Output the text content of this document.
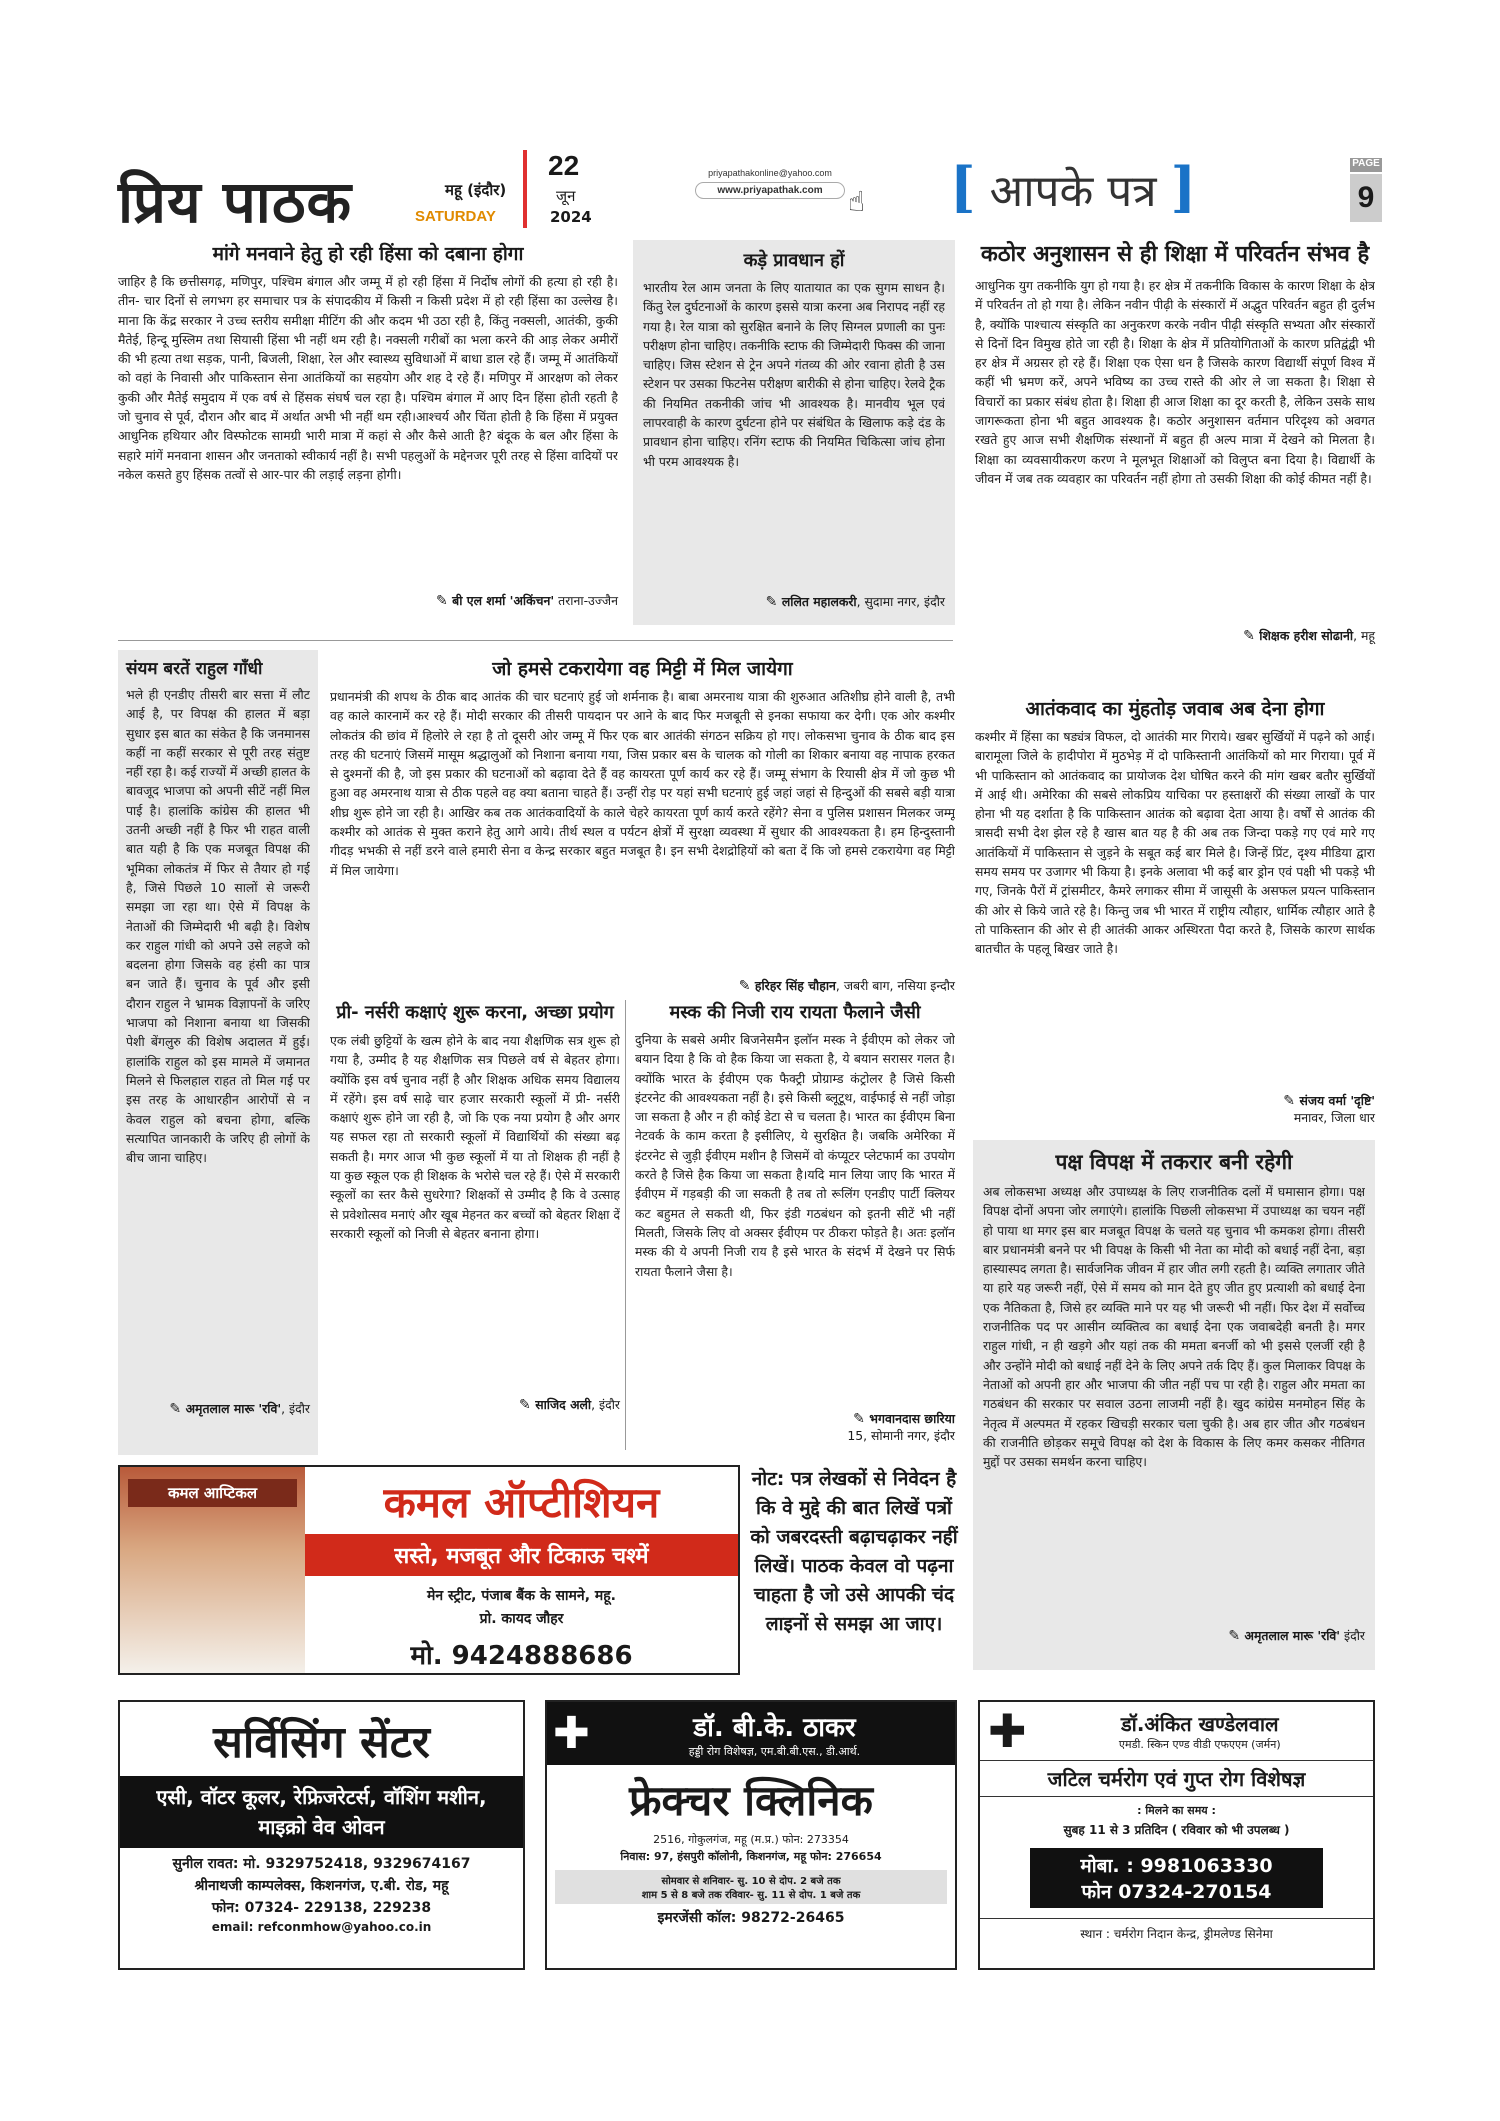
प्रिय पाठक	महू (इंदौर)
SATURDAY
22
जून
2024
priyapathakonline@yahoo.com
www.priyapathak.com ☝ [ आपके पत्र ]	PAGE
9
मांगे मनवाने हेतु हो रही हिंसा को दबाना होगा
जाहिर है कि छत्तीसगढ़, मणिपुर, पश्चिम बंगाल और जम्मू में हो रही हिंसा में निर्दोष लोगों की हत्या हो रही है। तीन- चार दिनों से लगभग हर समाचार पत्र के संपादकीय में किसी न किसी प्रदेश में हो रही हिंसा का उल्लेख है। माना कि केंद्र सरकार ने उच्च स्तरीय समीक्षा मीटिंग की और कदम भी उठा रही है, किंतु नक्सली, आतंकी, कुकी मैतेई, हिन्दू मुस्लिम तथा सियासी हिंसा भी नहीं थम रही है। नक्सली गरीबों का भला करने की आड़ लेकर अमीरों की भी हत्या तथा सड़क, पानी, बिजली, शिक्षा, रेल और स्वास्थ्य सुविधाओं में बाधा डाल रहे हैं। जम्मू में आतंकियों को वहां के निवासी और पाकिस्तान सेना आतंकियों का सहयोग और शह दे रहे हैं। मणिपुर में आरक्षण को लेकर कुकी और मैतेई समुदाय में एक वर्ष से हिंसक संघर्ष चल रहा है। पश्चिम बंगाल में आए दिन हिंसा होती रहती है जो चुनाव से पूर्व, दौरान और बाद में अर्थात अभी भी नहीं थम रही।आश्चर्य और चिंता होती है कि हिंसा में प्रयुक्त आधुनिक हथियार और विस्फोटक सामग्री भारी मात्रा में कहां से और कैसे आती है? बंदूक के बल और हिंसा के सहारे मांगें मनवाना शासन और जनताको स्वीकार्य नहीं है। सभी पहलुओं के मद्देनजर पूरी तरह से हिंसा वादियों पर नकेल कसते हुए हिंसक तत्वों से आर-पार की लड़ाई लड़ना होगी।
✎ बी एल शर्मा 'अकिंचन' तराना-उज्जैन
कड़े प्रावधान हों
भारतीय रेल आम जनता के लिए यातायात का एक सुगम साधन है। किंतु रेल दुर्घटनाओं के कारण इससे यात्रा करना अब निरापद नहीं रह गया है। रेल यात्रा को सुरक्षित बनाने के लिए सिग्नल प्रणाली का पुनः परीक्षण होना चाहिए। तकनीकि स्टाफ की जिम्मेदारी फिक्स की जाना चाहिए। जिस स्टेशन से ट्रेन अपने गंतव्य की ओर रवाना होती है उस स्टेशन पर उसका फिटनेस परीक्षण बारीकी से होना चाहिए। रेलवे ट्रैक की नियमित तकनीकी जांच भी आवश्यक है। मानवीय भूल एवं लापरवाही के कारण दुर्घटना होने पर संबंधित के खिलाफ कड़े दंड के प्रावधान होना चाहिए। रनिंग स्टाफ की नियमित चिकित्सा जांच होना भी परम आवश्यक है।
✎ ललित महालकरी, सुदामा नगर, इंदौर
कठोर अनुशासन से ही शिक्षा में परिवर्तन संभव है
आधुनिक युग तकनीकि युग हो गया है। हर क्षेत्र में तकनीकि विकास के कारण शिक्षा के क्षेत्र में परिवर्तन तो हो गया है। लेकिन नवीन पीढ़ी के संस्कारों में अद्भुत परिवर्तन बहुत ही दुर्लभ है, क्योंकि पाश्चात्य संस्कृति का अनुकरण करके नवीन पीढ़ी संस्कृति सभ्यता और संस्कारों से दिनों दिन विमुख होते जा रही है। शिक्षा के क्षेत्र में प्रतियोगिताओं के कारण प्रतिद्वंद्वी भी हर क्षेत्र में अग्रसर हो रहे हैं। शिक्षा एक ऐसा धन है जिसके कारण विद्यार्थी संपूर्ण विश्व में कहीं भी भ्रमण करें, अपने भविष्य का उच्च रास्ते की ओर ले जा सकता है। शिक्षा से विचारों का प्रकार संबंध होता है। शिक्षा ही आज शिक्षा का दूर करती है, लेकिन उसके साथ जागरूकता होना भी बहुत आवश्यक है। कठोर अनुशासन वर्तमान परिदृश्य को अवगत रखते हुए आज सभी शैक्षणिक संस्थानों में बहुत ही अल्प मात्रा में देखने को मिलता है। शिक्षा का व्यवसायीकरण करण ने मूलभूत शिक्षाओं को विलुप्त बना दिया है। विद्यार्थी के जीवन में जब तक व्यवहार का परिवर्तन नहीं होगा तो उसकी शिक्षा की कोई कीमत नहीं है।
✎ शिक्षक हरीश सोढानी, महू
संयम बरतें राहुल गाँधी
भले ही एनडीए तीसरी बार सत्ता में लौट आई है, पर विपक्ष की हालत में बड़ा सुधार इस बात का संकेत है कि जनमानस कहीं ना कहीं सरकार से पूरी तरह संतुष्ट नहीं रहा है। कई राज्यों में अच्छी हालत के बावजूद भाजपा को अपनी सीटें नहीं मिल पाई है। हालांकि कांग्रेस की हालत भी उतनी अच्छी नहीं है फिर भी राहत वाली बात यही है कि एक मजबूत विपक्ष की भूमिका लोकतंत्र में फिर से तैयार हो गई है, जिसे पिछले 10 सालों से जरूरी समझा जा रहा था। ऐसे में विपक्ष के नेताओं की जिम्मेदारी भी बढ़ी है। विशेष कर राहुल गांधी को अपने उसे लहजे को बदलना होगा जिसके वह हंसी का पात्र बन जाते हैं। चुनाव के पूर्व और इसी दौरान राहुल ने भ्रामक विज्ञापनों के जरिए भाजपा को निशाना बनाया था जिसकी पेशी बेंगलुरु की विशेष अदालत में हुई। हालांकि राहुल को इस मामले में जमानत मिलने से फिलहाल राहत तो मिल गई पर इस तरह के आधारहीन आरोपों से न केवल राहुल को बचना होगा, बल्कि सत्यापित जानकारी के जरिए ही लोगों के बीच जाना चाहिए।
✎ अमृतलाल मारू 'रवि', इंदौर
जो हमसे टकरायेगा वह मिट्टी में मिल जायेगा
प्रधानमंत्री की शपथ के ठीक बाद आतंक की चार घटनाएं हुई जो शर्मनाक है। बाबा अमरनाथ यात्रा की शुरुआत अतिशीघ्र होने वाली है, तभी वह काले कारनामें कर रहे हैं। मोदी सरकार की तीसरी पायदान पर आने के बाद फिर मजबूती से इनका सफाया कर देगी। एक ओर कश्मीर लोकतंत्र की छांव में हिलोरे ले रहा है तो दूसरी ओर जम्मू में फिर एक बार आतंकी संगठन सक्रिय हो गए। लोकसभा चुनाव के ठीक बाद इस तरह की घटनाएं जिसमें मासूम श्रद्धालुओं को निशाना बनाया गया, जिस प्रकार बस के चालक को गोली का शिकार बनाया वह नापाक हरकत से दुश्मनों की है, जो इस प्रकार की घटनाओं को बढ़ावा देते हैं वह कायरता पूर्ण कार्य कर रहे हैं। जम्मू संभाग के रियासी क्षेत्र में जो कुछ भी हुआ वह अमरनाथ यात्रा से ठीक पहले वह क्या बताना चाहते हैं। उन्हीं रोड़ पर यहां सभी घटनाएं हुई जहां जहां से हिन्दुओं की सबसे बड़ी यात्रा शीघ्र शुरू होने जा रही है। आखिर कब तक आतंकवादियों के काले चेहरे कायरता पूर्ण कार्य करते रहेंगे? सेना व पुलिस प्रशासन मिलकर जम्मू कश्मीर को आतंक से मुक्त कराने हेतु आगे आये। तीर्थ स्थल व पर्यटन क्षेत्रों में सुरक्षा व्यवस्था में सुधार की आवश्यकता है। हम हिन्दुस्तानी गीदड़ भभकी से नहीं डरने वाले हमारी सेना व केन्द्र सरकार बहुत मजबूत है। इन सभी देशद्रोहियों को बता दें कि जो हमसे टकरायेगा वह मिट्टी में मिल जायेगा।
✎ हरिहर सिंह चौहान, जबरी बाग, नसिया इन्दौर
आतंकवाद का मुंहतोड़ जवाब अब देना होगा
कश्मीर में हिंसा का षड्यंत्र विफल, दो आतंकी मार गिराये। खबर सुर्खियों में पढ़ने को आई। बारामूला जिले के हादीपोरा में मुठभेड़ में दो पाकिस्तानी आतंकियों को मार गिराया। पूर्व में भी पाकिस्तान को आतंकवाद का प्रायोजक देश घोषित करने की मांग खबर बतौर सुर्खियों में आई थी। अमेरिका की सबसे लोकप्रिय याचिका पर हस्ताक्षरों की संख्या लाखों के पार होना भी यह दर्शाता है कि पाकिस्तान आतंक को बढ़ावा देता आया है। वर्षों से आतंक की त्रासदी सभी देश झेल रहे है खास बात यह है की अब तक जिन्दा पकड़े गए एवं मारे गए आतंकियों में पाकिस्तान से जुड़ने के सबूत कई बार मिले है। जिन्हें प्रिंट, दृश्य मीडिया द्वारा समय समय पर उजागर भी किया है। इनके अलावा भी कई बार ड्रोन एवं पक्षी भी पकड़े भी गए, जिनके पैरों में ट्रांसमीटर, कैमरे लगाकर सीमा में जासूसी के असफल प्रयत्न पाकिस्तान की ओर से किये जाते रहे है। किन्तु जब भी भारत में राष्ट्रीय त्यौहार, धार्मिक त्यौहार आते है तो पाकिस्तान की ओर से ही आतंकी आकर अस्थिरता पैदा करते है, जिसके कारण सार्थक बातचीत के पहलू बिखर जाते है।
✎ संजय वर्मा 'दृष्टि'
मनावर, जिला धार
प्री- नर्सरी कक्षाएं शुरू करना, अच्छा प्रयोग
एक लंबी छुट्टियों के खत्म होने के बाद नया शैक्षणिक सत्र शुरू हो गया है, उम्मीद है यह शैक्षणिक सत्र पिछले वर्ष से बेहतर होगा। क्योंकि इस वर्ष चुनाव नहीं है और शिक्षक अधिक समय विद्यालय में रहेंगे। इस वर्ष साढ़े चार हजार सरकारी स्कूलों में प्री- नर्सरी कक्षाएं शुरू होने जा रही है, जो कि एक नया प्रयोग है और अगर यह सफल रहा तो सरकारी स्कूलों में विद्यार्थियों की संख्या बढ़ सकती है। मगर आज भी कुछ स्कूलों में या तो शिक्षक ही नहीं है या कुछ स्कूल एक ही शिक्षक के भरोसे चल रहे हैं। ऐसे में सरकारी स्कूलों का स्तर कैसे सुधरेगा? शिक्षकों से उम्मीद है कि वे उत्साह से प्रवेशोत्सव मनाएं और खूब मेहनत कर बच्चों को बेहतर शिक्षा दें सरकारी स्कूलों को निजी से बेहतर बनाना होगा।
✎ साजिद अली, इंदौर
मस्क की निजी राय रायता फैलाने जैसी
दुनिया के सबसे अमीर बिजनेसमैन इलॉन मस्क ने ईवीएम को लेकर जो बयान दिया है कि वो हैक किया जा सकता है, ये बयान सरासर गलत है। क्योंकि भारत के ईवीएम एक फैक्ट्री प्रोग्राम्ड कंट्रोलर है जिसे किसी इंटरनेट की आवश्यकता नहीं है। इसे किसी ब्लूटूथ, वाईफाई से नहीं जोड़ा जा सकता है और न ही कोई डेटा से च चलता है। भारत का ईवीएम बिना नेटवर्क के काम करता है इसीलिए, ये सुरक्षित है। जबकि अमेरिका में इंटरनेट से जुड़ी ईवीएम मशीन है जिसमें वो कंप्यूटर प्लेटफार्म का उपयोग करते है जिसे हैक किया जा सकता है।यदि मान लिया जाए कि भारत में ईवीएम में गड़बड़ी की जा सकती है तब तो रूलिंग एनडीए पार्टी क्लियर कट बहुमत ले सकती थी, फिर इंडी गठबंधन को इतनी सीटें भी नहीं मिलती, जिसके लिए वो अक्सर ईवीएम पर ठीकरा फोड़ते है। अतः इलॉन मस्क की ये अपनी निजी राय है इसे भारत के संदर्भ में देखने पर सिर्फ रायता फैलाने जैसा है।
✎ भगवानदास छारिया
15, सोमानी नगर, इंदौर
पक्ष विपक्ष में तकरार बनी रहेगी
अब लोकसभा अध्यक्ष और उपाध्यक्ष के लिए राजनीतिक दलों में घमासान होगा। पक्ष विपक्ष दोनों अपना जोर लगाएंगे। हालांकि पिछली लोकसभा में उपाध्यक्ष का चयन नहीं हो पाया था मगर इस बार मजबूत विपक्ष के चलते यह चुनाव भी कमकश होगा। तीसरी बार प्रधानमंत्री बनने पर भी विपक्ष के किसी भी नेता का मोदी को बधाई नहीं देना, बड़ा हास्यास्पद लगता है। सार्वजनिक जीवन में हार जीत लगी रहती है। व्यक्ति लगातार जीते या हारे यह जरूरी नहीं, ऐसे में समय को मान देते हुए जीत हुए प्रत्याशी को बधाई देना एक नैतिकता है, जिसे हर व्यक्ति माने पर यह भी जरूरी भी नहीं। फिर देश में सर्वोच्च राजनीतिक पद पर आसीन व्यक्तित्व का बधाई देना एक जवाबदेही बनती है। मगर राहुल गांधी, न ही खड़गे और यहां तक की ममता बनर्जी को भी इससे एलर्जी रही है और उन्होंने मोदी को बधाई नहीं देने के लिए अपने तर्क दिए हैं। कुल मिलाकर विपक्ष के नेताओं को अपनी हार और भाजपा की जीत नहीं पच पा रही है। राहुल और ममता का गठबंधन की सरकार पर सवाल उठना लाजमी नहीं है। खुद कांग्रेस मनमोहन सिंह के नेतृत्व में अल्पमत में रहकर खिचड़ी सरकार चला चुकी है। अब हार जीत और गठबंधन की राजनीति छोड़कर समूचे विपक्ष को देश के विकास के लिए कमर कसकर नीतिगत मुद्दों पर उसका समर्थन करना चाहिए।
✎ अमृतलाल मारू 'रवि' इंदौर
कमल आप्टिकल	कमल ऑप्टीशियन
सस्ते, मजबूत और टिकाऊ चश्में
मेन स्ट्रीट, पंजाब बैंक के सामने, महू.
प्रो. कायद जौहर
मो. 9424888686
नोट: पत्र लेखकों से निवेदन है कि वे मुद्दे की बात लिखें पत्रों को जबरदस्ती बढ़ाचढ़ाकर नहीं लिखें। पाठक केवल वो पढ़ना चाहता है जो उसे आपकी चंद लाइनों से समझ आ जाए।
सर्विसिंग सेंटर
एसी, वॉटर कूलर, रेफ्रिजरेटर्स, वॉशिंग मशीन, माइक्रो वेव ओवन
सुनील रावत: मो. 9329752418, 9329674167
श्रीनाथजी काम्पलेक्स, किशनगंज, ए.बी. रोड, महू
फोन: 07324- 229138, 229238
email: refconmhow@yahoo.co.in
✚	डॉ. बी.के. ठाकर
हड्डी रोग विशेषज्ञ, एम.बी.बी.एस., डी.आर्थ.
फ्रेक्चर क्लिनिक
2516, गोकुलगंज, महू (म.प्र.) फोन: 273354
निवास: 97, हंसपुरी कॉलोनी, किशनगंज, महू फोन: 276654
सोमवार से शनिवार- सु. 10 से दोप. 2 बजे तक
शाम 5 से 8 बजे तक रविवार- सु. 11 से दोप. 1 बजे तक
इमरजेंसी कॉल: 98272-26465
✚	डॉ.अंकित खण्डेलवाल
एमडी. स्किन एण्ड वीडी एफएएम (जर्मन)
जटिल चर्मरोग एवं गुप्त रोग विशेषज्ञ
: मिलने का समय :
सुबह 11 से 3 प्रतिदिन ( रविवार को भी उपलब्ध )
मोबा. : 9981063330
फोन 07324-270154
स्थान : चर्मरोग निदान केन्द्र, ड्रीमलेण्ड सिनेमा
